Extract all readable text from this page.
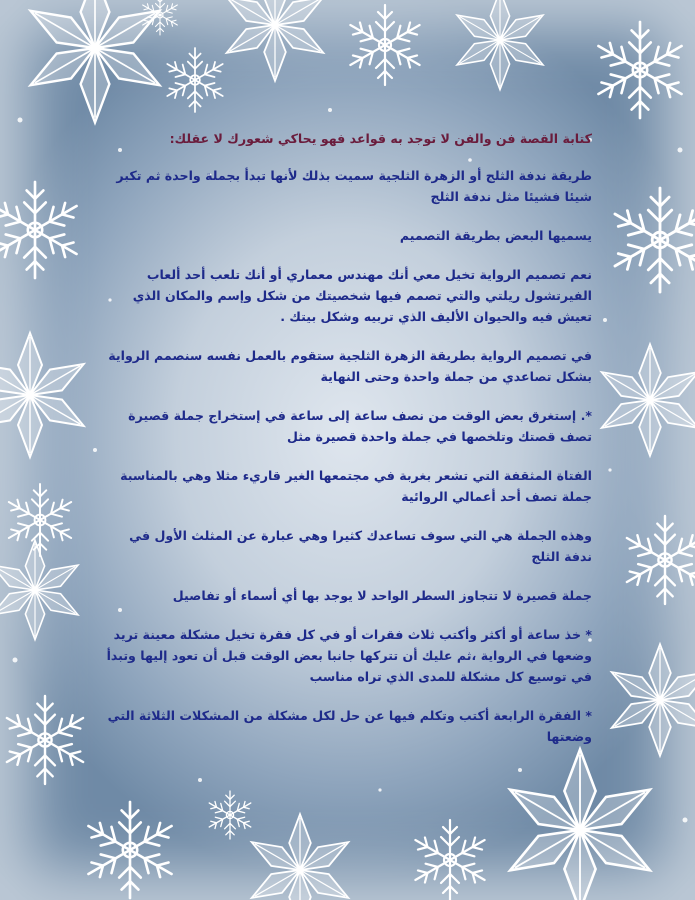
كتابة القصة فن والفن لا توجد به قواعد فهو يحاكي شعورك لا عقلك:

طريقة ندفة الثلج أو الزهرة الثلجية سميت بذلك لأنها تبدأ بجملة واحدة ثم تكبر شيئا فشيئا مثل ندفة الثلج

يسميها البعض بطريقة التصميم

نعم تصميم الرواية تخيل معي أنك مهندس معماري أو أنك تلعب أحد ألعاب الفيرتشول ريلتي والتي تصمم فيها شخصيتك من شكل وإسم والمكان الذي تعيش فيه والحيوان الأليف الذي تربيه وشكل بيتك .

في تصميم الرواية بطريقة الزهرة الثلجية ستقوم بالعمل نفسه سنصمم الرواية بشكل تصاعدي من جملة واحدة وحتى النهاية

*. إستغرق بعض الوقت من نصف ساعة إلى ساعة في إستخراج جملة قصيرة تصف قصتك وتلخصها في جملة واحدة قصيرة مثل

الفتاة المثقفة التي تشعر بغربة في مجتمعها الغير قاريء مثلا وهي بالمناسبة جملة تصف أحد أعمالي الروائية

وهذه الجملة هي التي سوف تساعدك كثيرا وهي عبارة عن المثلث الأول في ندفة الثلج

جملة قصيرة لا تتجاوز السطر الواحد لا يوجد بها أي أسماء أو تفاصيل

* خذ ساعة أو أكثر وأكتب ثلاث فقرات أو في كل فقرة تخيل مشكلة معينة تريد وضعها في الرواية ،ثم عليك أن تتركها جانبا بعض الوقت قبل أن تعود إليها وتبدأ في توسيع كل مشكلة للمدى الذي تراه مناسب

* الفقرة الرابعة أكتب وتكلم فيها عن حل لكل مشكلة من المشكلات الثلاثة التي وضعتها
